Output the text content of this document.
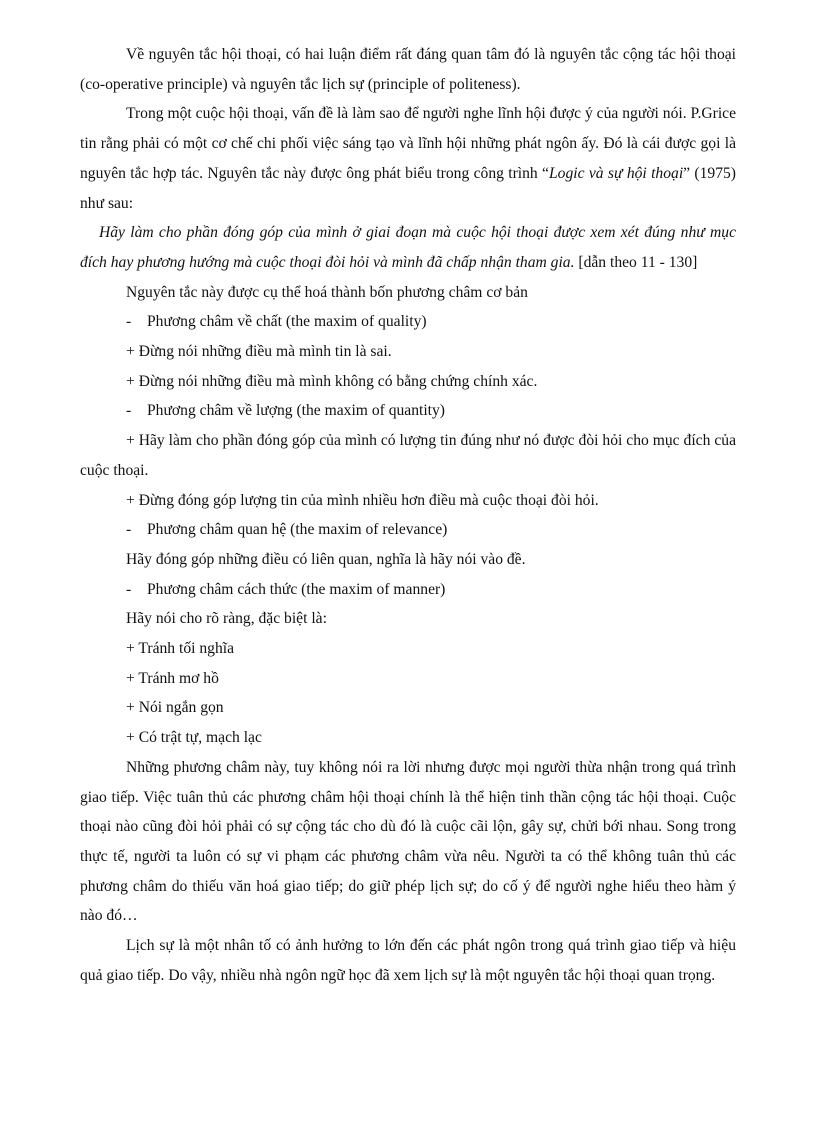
Về nguyên tắc hội thoại, có hai luận điểm rất đáng quan tâm đó là nguyên tắc cộng tác hội thoại (co-operative principle) và nguyên tắc lịch sự (principle of politeness).

Trong một cuộc hội thoại, vấn đề là làm sao để người nghe lĩnh hội được ý của người nói. P.Grice tin rằng phải có một cơ chế chi phối việc sáng tạo và lĩnh hội những phát ngôn ấy. Đó là cái được gọi là nguyên tắc hợp tác. Nguyên tắc này được ông phát biểu trong công trình “Logic và sự hội thoại” (1975) như sau:

Hãy làm cho phần đóng góp của mình ở giai đoạn mà cuộc hội thoại được xem xét đúng như mục đích hay phương hướng mà cuộc thoại đòi hỏi và mình đã chấp nhận tham gia. [dẫn theo 11 - 130]

Nguyên tắc này được cụ thể hoá thành bốn phương châm cơ bản

- Phương châm về chất (the maxim of quality)

+ Đừng nói những điều mà mình tin là sai.

+ Đừng nói những điều mà mình không có bằng chứng chính xác.

- Phương châm về lượng (the maxim of quantity)

+ Hãy làm cho phần đóng góp của mình có lượng tin đúng như nó được đòi hỏi cho mục đích của cuộc thoại.

+ Đừng đóng góp lượng tin của mình nhiều hơn điều mà cuộc thoại đòi hỏi.

- Phương châm quan hệ (the maxim of relevance)

Hãy đóng góp những điều có liên quan, nghĩa là hãy nói vào đề.

- Phương châm cách thức (the maxim of manner)

Hãy nói cho rõ ràng, đặc biệt là:

+ Tránh tối nghĩa

+ Tránh mơ hồ

+ Nói ngắn gọn

+ Có trật tự, mạch lạc

Những phương châm này, tuy không nói ra lời nhưng được mọi người thừa nhận trong quá trình giao tiếp. Việc tuân thủ các phương châm hội thoại chính là thể hiện tinh thần cộng tác hội thoại. Cuộc thoại nào cũng đòi hỏi phải có sự cộng tác cho dù đó là cuộc cãi lộn, gây sự, chửi bới nhau. Song trong thực tế, người ta luôn có sự vi phạm các phương châm vừa nêu. Người ta có thể không tuân thủ các phương châm do thiếu văn hoá giao tiếp; do giữ phép lịch sự; do cố ý để người nghe hiểu theo hàm ý nào đó…

Lịch sự là một nhân tố có ảnh hưởng to lớn đến các phát ngôn trong quá trình giao tiếp và hiệu quả giao tiếp. Do vậy, nhiều nhà ngôn ngữ học đã xem lịch sự là một nguyên tắc hội thoại quan trọng.
